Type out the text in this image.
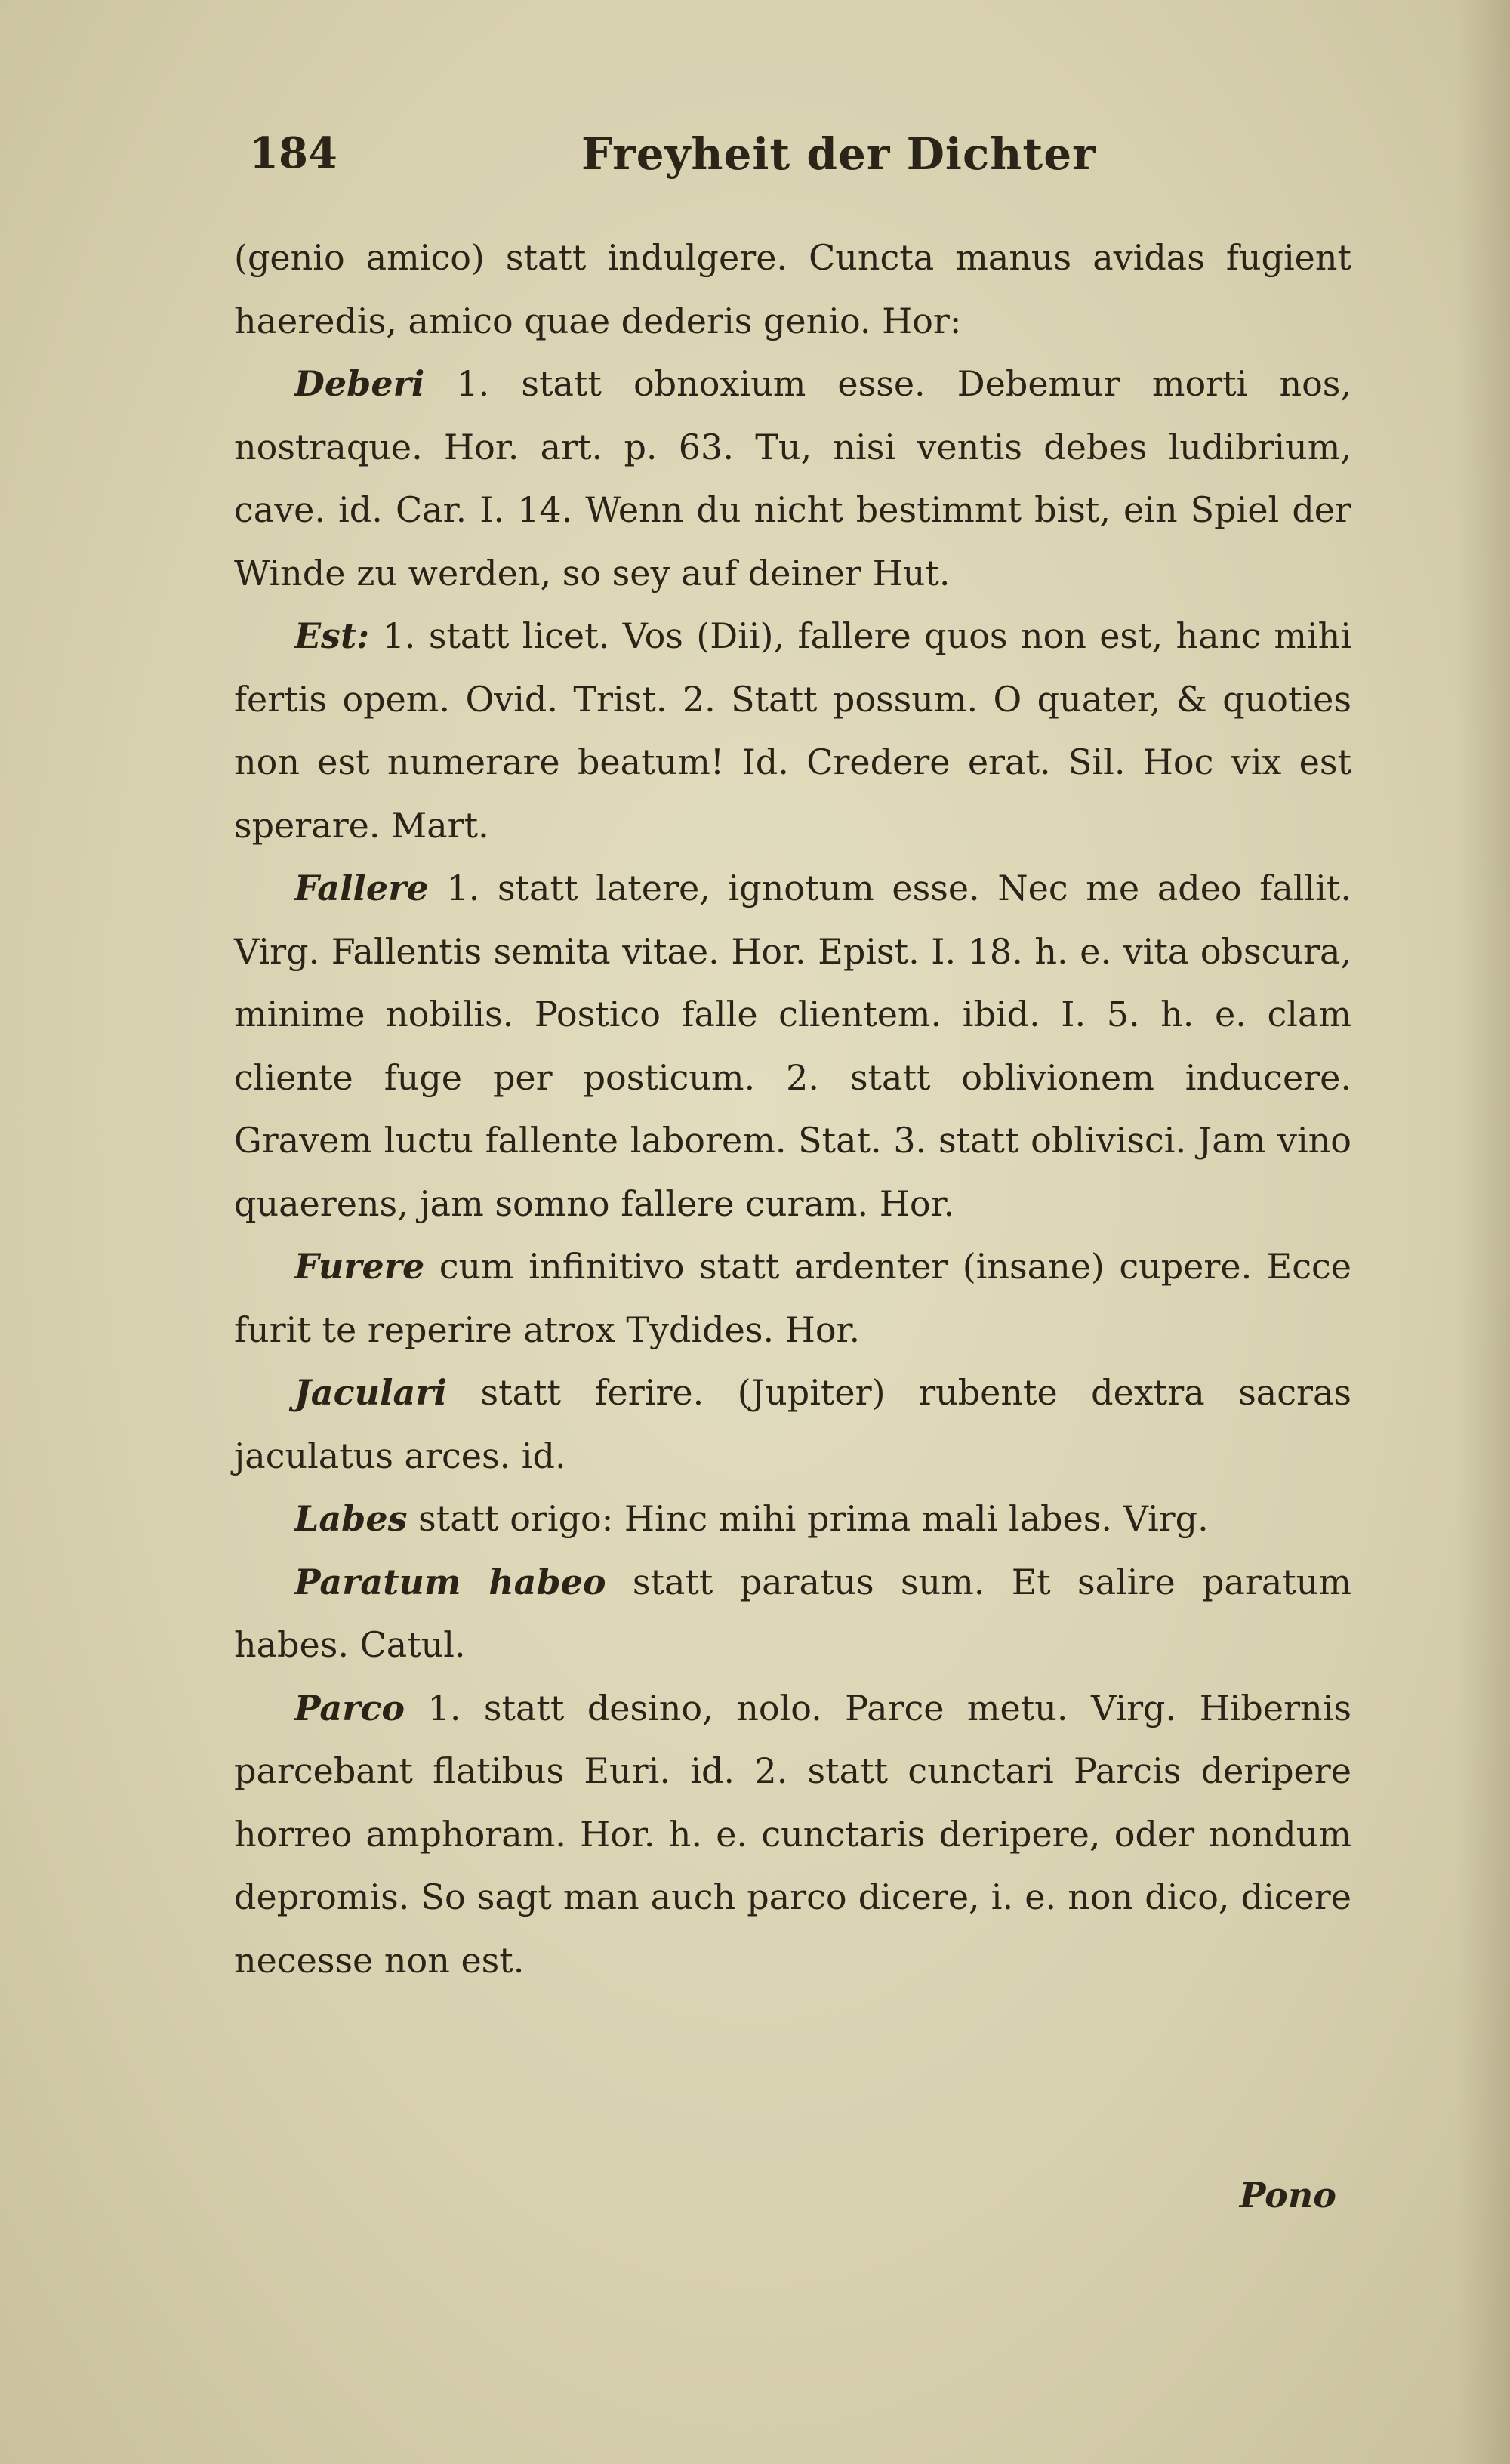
184	Freyheit der Dichter

(genio amico) statt indulgere. Cuncta manus avidas fugient haeredis, amico quae dederis genio. Hor:

Deberi 1. statt obnoxium esse. Debemur morti nos, nostraque. Hor. art. p. 63. Tu, nisi ventis debes ludibrium, cave. id. Car. I. 14. Wenn du nicht bestimmt bist, ein Spiel der Winde zu werden, so sey auf deiner Hut.

Est: 1. statt licet. Vos (Dii), fallere quos non est, hanc mihi fertis opem. Ovid. Trist. 2. Statt possum. O quater, & quoties non est numerare beatum! Id. Credere erat. Sil. Hoc vix est sperare. Mart.

Fallere 1. statt latere, ignotum esse. Nec me adeo fallit. Virg. Fallentis semita vitae. Hor. Epist. I. 18. h. e. vita obscura, minime nobilis. Postico falle clientem. ibid. I. 5. h. e. clam cliente fuge per posticum. 2. statt oblivionem inducere. Gravem luctu fallente laborem. Stat. 3. statt oblivisci. Jam vino quaerens, jam somno fallere curam. Hor.

Furere cum infinitivo statt ardenter (insane) cupere. Ecce furit te reperire atrox Tydides. Hor.

Jaculari statt ferire. (Jupiter) rubente dextra sacras jaculatus arces. id.

Labes statt origo: Hinc mihi prima mali labes. Virg.

Paratum habeo statt paratus sum. Et salire paratum habes. Catul.

Parco 1. statt desino, nolo. Parce metu. Virg. Hibernis parcebant flatibus Euri. id. 2. statt cunctari Parcis deripere horreo amphoram. Hor. h. e. cunctaris deripere, oder nondum depromis. So sagt man auch parco dicere, i. e. non dico, dicere necesse non est.

Pono
